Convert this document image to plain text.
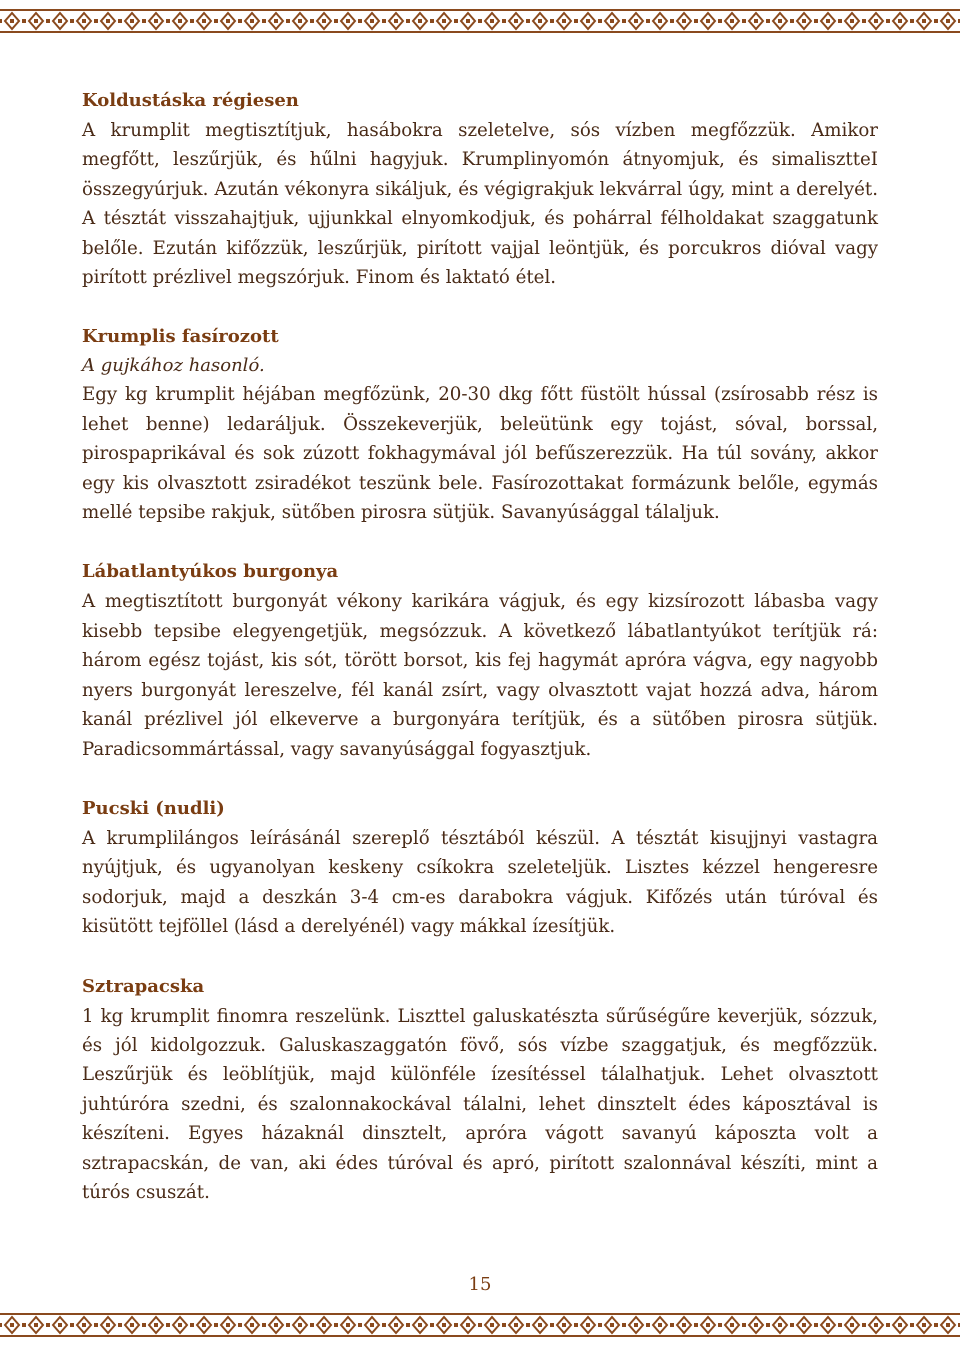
Koldustáska régiesen

A krumplit megtisztítjuk, hasábokra szeletelve, sós vízben megfőzzük. Amikor megfőtt, leszűrjük, és hűlni hagyjuk. Krumplinyomón átnyomjuk, és simalisztteI összegyúrjuk. Azután vékonyra sikáljuk, és végigrakjuk lekvárral úgy, mint a derelyét. A tésztát visszahajtjuk, ujjunkkal elnyomkodjuk, és pohárral félholdakat szaggatunk belőle. Ezután kifőzzük, leszűrjük, pirított vajjal leöntjük, és porcukros dióval vagy pirított prézlivel megszórjuk. Finom és laktató étel.

Krumplis fasírozott

A gujkához hasonló.

Egy kg krumplit héjában megfőzünk, 20-30 dkg főtt füstölt hússal (zsírosabb rész is lehet benne) ledaráljuk. Összekeverjük, beleütünk egy tojást, sóval, borssal, pirospaprikával és sok zúzott fokhagymával jól befűszerezzük. Ha túl sovány, akkor egy kis olvasztott zsiradékot teszünk bele. Fasírozottakat formázunk belőle, egymás mellé tepsibe rakjuk, sütőben pirosra sütjük. Savanyúsággal tálaljuk.

Lábatlantyúkos burgonya

A megtisztított burgonyát vékony karikára vágjuk, és egy kizsírozott lábasba vagy kisebb tepsibe elegyengetjük, megsózzuk. A következő lábatlantyúkot terítjük rá: három egész tojást, kis sót, törött borsot, kis fej hagymát apróra vágva, egy nagyobb nyers burgonyát lereszelve, fél kanál zsírt, vagy olvasztott vajat hozzá adva, három kanál prézlivel jól elkeverve a burgonyára terítjük, és a sütőben pirosra sütjük. Paradicsommártással, vagy savanyúsággal fogyasztjuk.

Pucski (nudli)

A krumplilángos leírásánál szereplő tésztából készül. A tésztát kisujjnyi vastagra nyújtjuk, és ugyanolyan keskeny csíkokra szeleteljük. Lisztes kézzel hengeresre sodorjuk, majd a deszkán 3-4 cm-es darabokra vágjuk. Kifőzés után túróval és kisütött tejföllel (lásd a derelyénél) vagy mákkal ízesítjük.

Sztrapacska

1 kg krumplit finomra reszelünk. Liszttel galuskatészta sűrűségűre keverjük, sózzuk, és jól kidolgozzuk. Galuskaszaggatón fövő, sós vízbe szaggatjuk, és megfőzzük. Leszűrjük és leöblítjük, majd különféle ízesítéssel tálalhatjuk. Lehet olvasztott juhtúróra szedni, és szalonnakockával tálalni, lehet dinsztelt édes káposztával is készíteni. Egyes házaknál dinsztelt, apróra vágott savanyú káposzta volt a sztrapacskán, de van, aki édes túróval és apró, pirított szalonnával készíti, mint a túrós csuszát.

15
